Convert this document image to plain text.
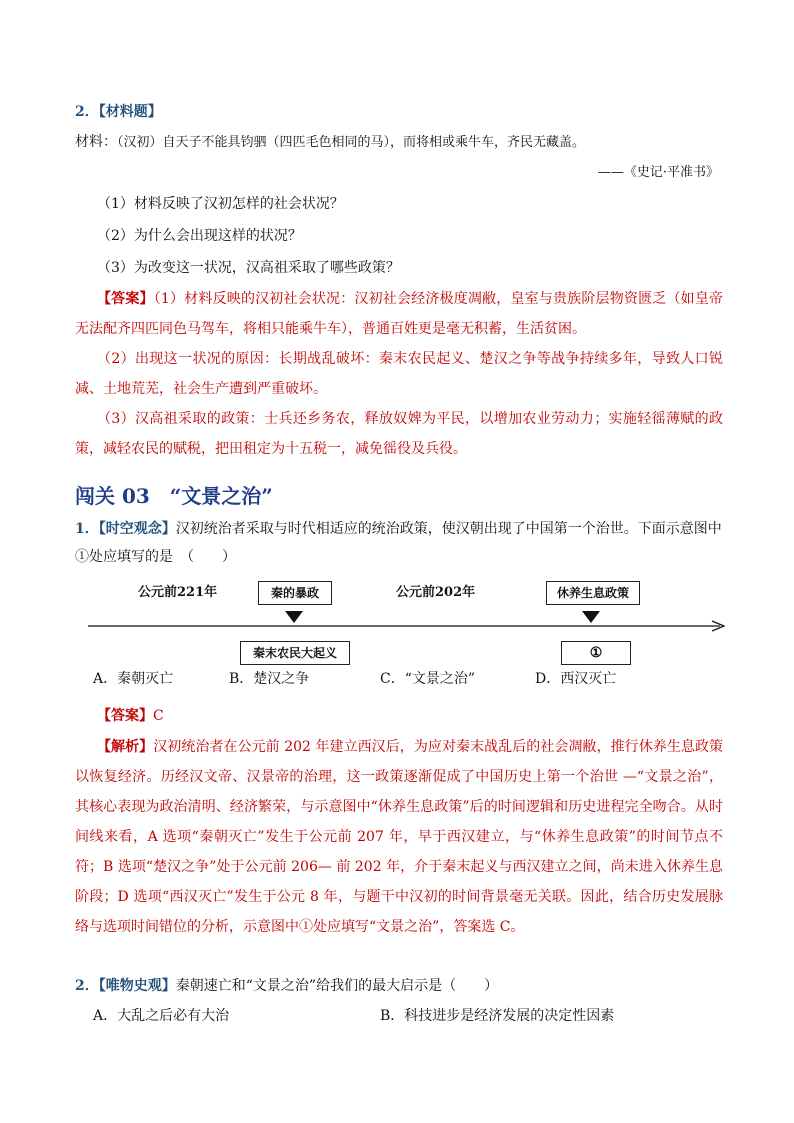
2．【材料题】
材料：（汉初）自天子不能具钧驷（四匹毛色相同的马），而将相或乘牛车，齐民无藏盖。
——《史记·平准书》
（1）材料反映了汉初怎样的社会状况？
（2）为什么会出现这样的状况？
（3）为改变这一状况，汉高祖采取了哪些政策？

【答案】（1）材料反映的汉初社会状况：汉初社会经济极度凋敝，皇室与贵族阶层物资匮乏（如皇帝无法配齐四匹同色马驾车，将相只能乘牛车），普通百姓更是毫无积蓄，生活贫困。

（2）出现这一状况的原因：长期战乱破坏：秦末农民起义、楚汉之争等战争持续多年，导致人口锐减、土地荒芜，社会生产遭到严重破坏。

（3）汉高祖采取的政策：士兵还乡务农，释放奴婢为平民，以增加农业劳动力；实施轻徭薄赋的政策，减轻农民的赋税，把田租定为十五税一，减免徭役及兵役。

闯关 03　“文景之治”

1．【时空观念】汉初统治者采取与时代相适应的统治政策，使汉朝出现了中国第一个治世。下面示意图中①处应填写的是　（　　）

公元前221年	公元前202年
秦的暴政	休养生息政策
秦末农民大起义	①
A．秦朝灭亡	B．楚汉之争	C．“文景之治”	D．西汉灭亡
【答案】C

【解析】汉初统治者在公元前 202 年建立西汉后，为应对秦末战乱后的社会凋敝，推行休养生息政策以恢复经济。历经汉文帝、汉景帝的治理，这一政策逐渐促成了中国历史上第一个治世 —“文景之治”，其核心表现为政治清明、经济繁荣，与示意图中“休养生息政策”后的时间逻辑和历史进程完全吻合。从时间线来看，A 选项“秦朝灭亡”发生于公元前 207 年，早于西汉建立，与“休养生息政策”的时间节点不符；B 选项“楚汉之争”处于公元前 206— 前 202 年，介于秦末起义与西汉建立之间，尚未进入休养生息阶段；D 选项“西汉灭亡”发生于公元 8 年，与题干中汉初的时间背景毫无关联。因此，结合历史发展脉络与选项时间错位的分析，示意图中①处应填写“文景之治”，答案选 C。

2．【唯物史观】秦朝速亡和“文景之治”给我们的最大启示是（　　）
A．大乱之后必有大治	B．科技进步是经济发展的决定性因素
